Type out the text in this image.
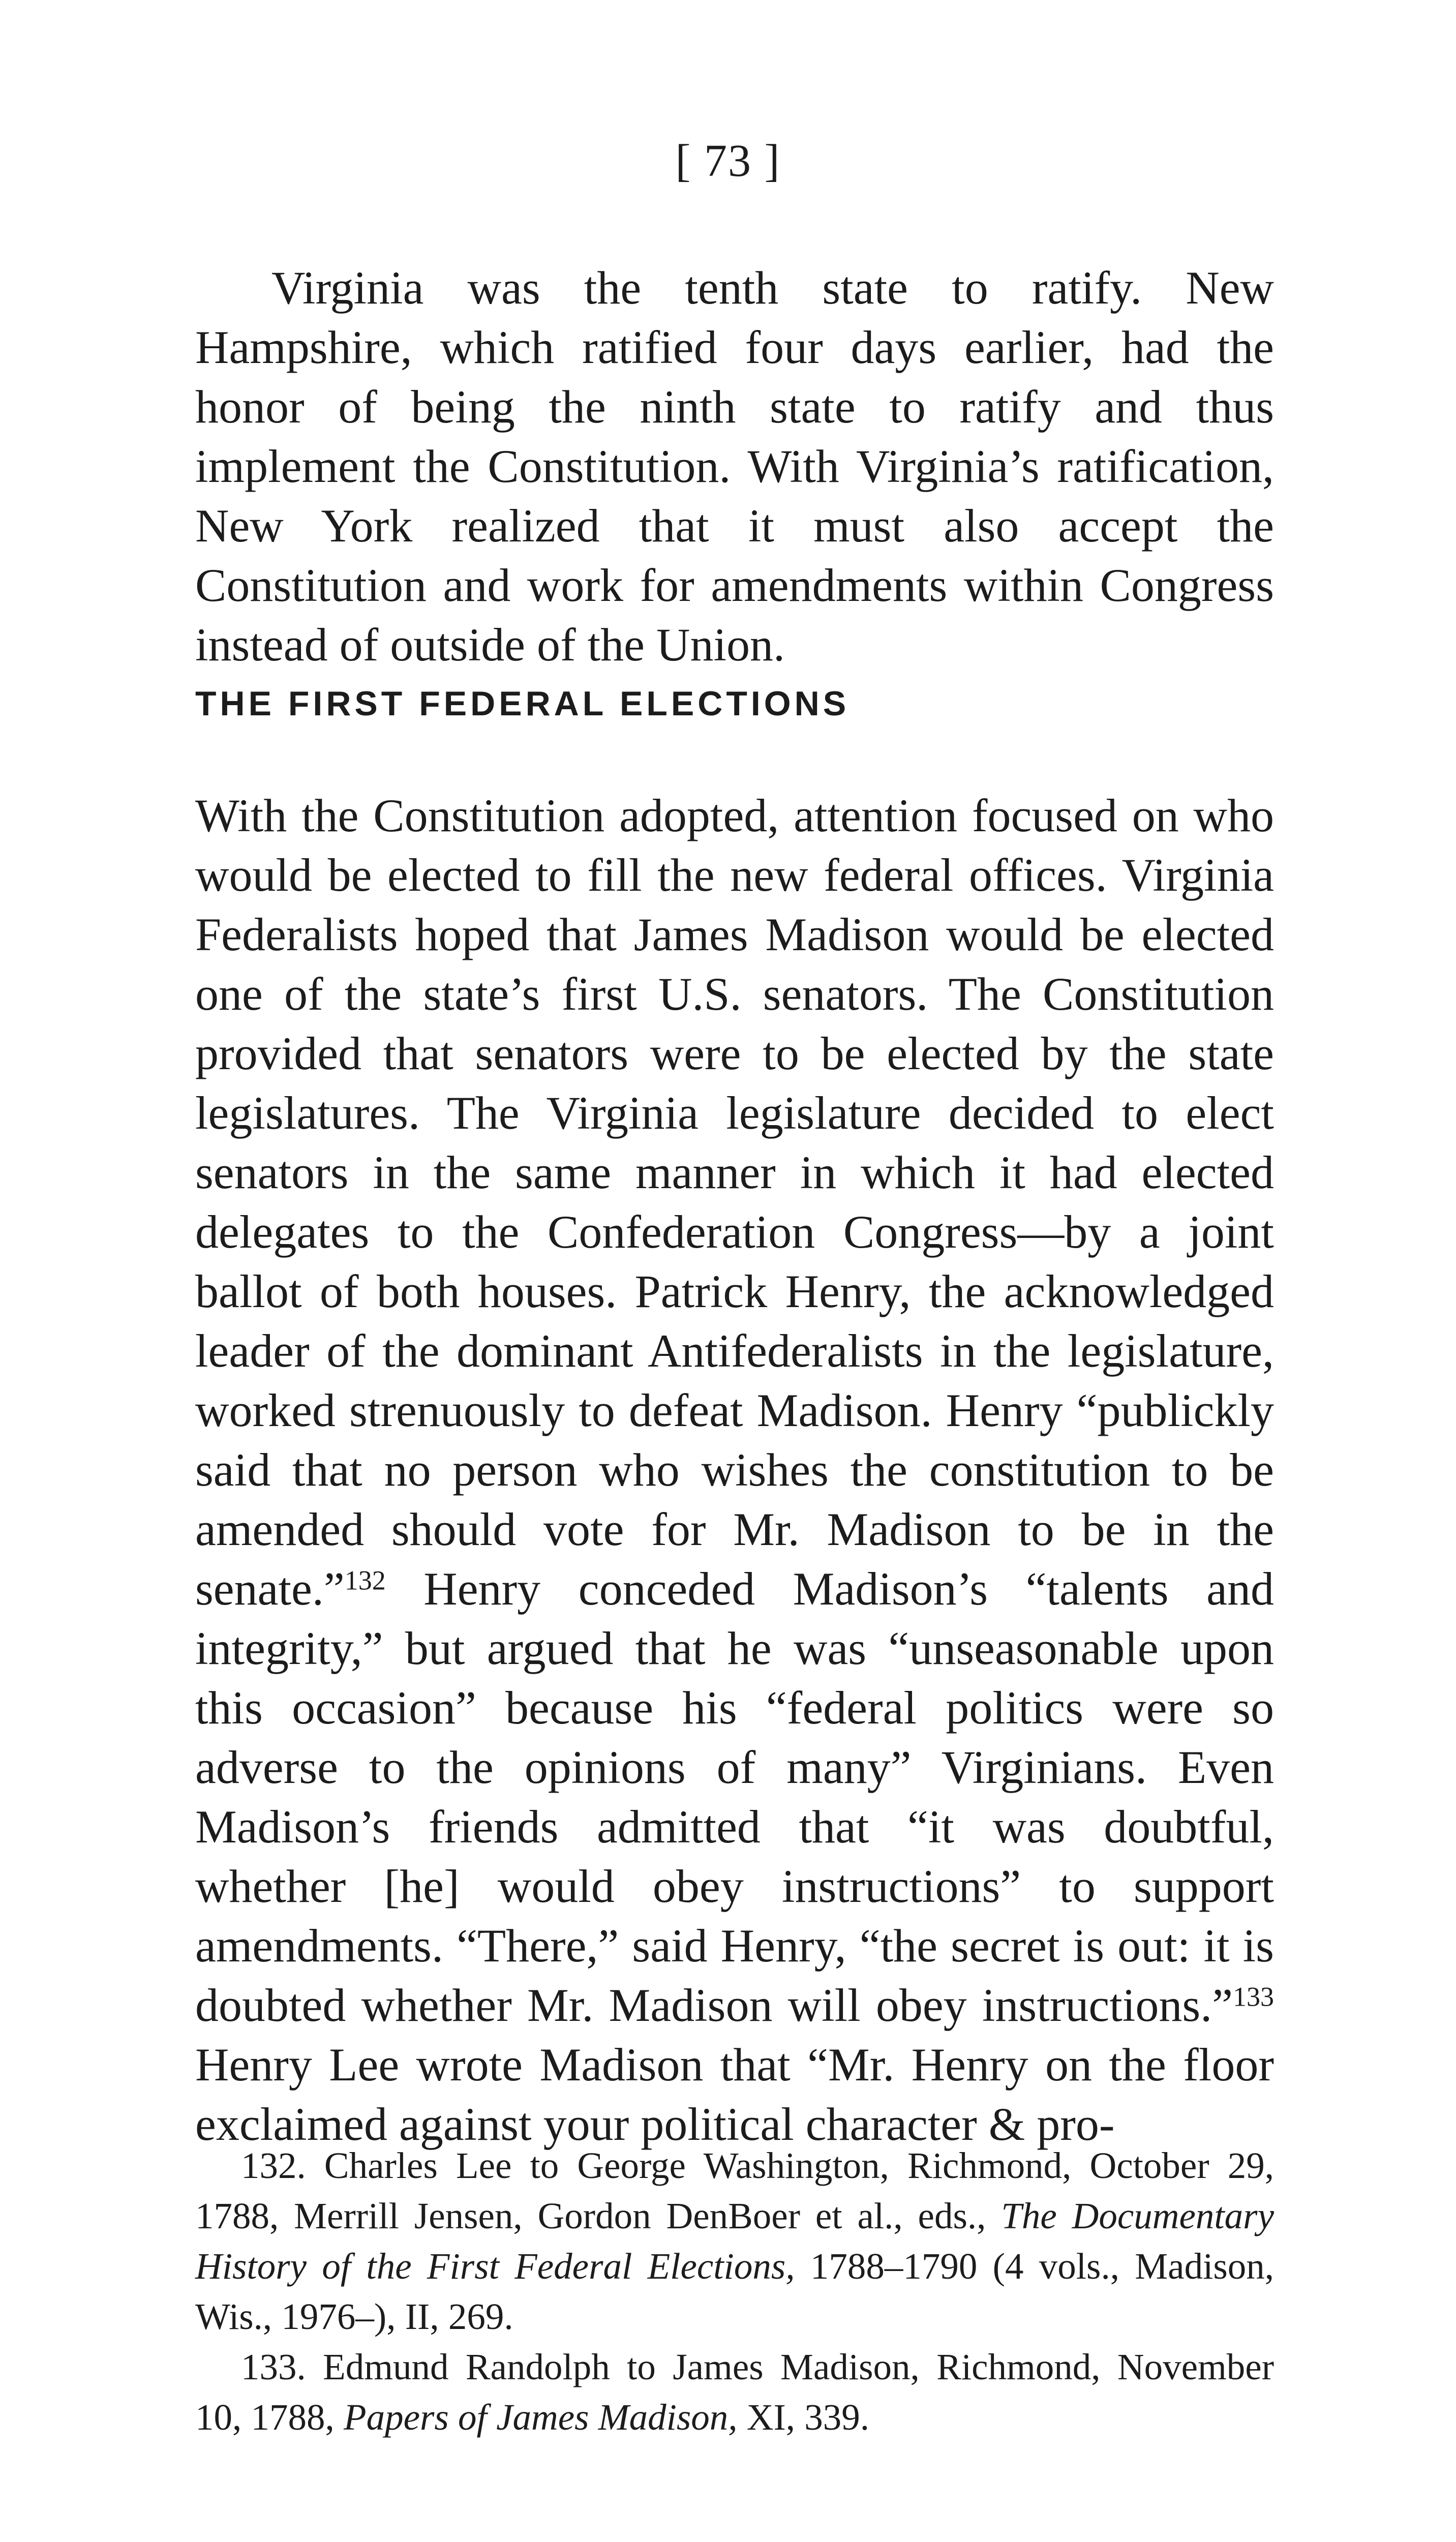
[ 73 ]

Virginia was the tenth state to ratify. New Hampshire, which ratified four days earlier, had the honor of being the ninth state to ratify and thus implement the Constitution. With Virginia’s ratification, New York realized that it must also accept the Constitution and work for amendments within Congress instead of outside of the Union.

THE FIRST FEDERAL ELECTIONS

With the Constitution adopted, attention focused on who would be elected to fill the new federal offices. Virginia Federalists hoped that James Madison would be elected one of the state’s first U.S. senators. The Constitution provided that senators were to be elected by the state legislatures. The Virginia legislature decided to elect senators in the same manner in which it had elected delegates to the Confederation Congress—by a joint ballot of both houses. Patrick Henry, the acknowledged leader of the dominant Antifederalists in the legislature, worked strenuously to defeat Madison. Henry “publickly said that no person who wishes the constitution to be amended should vote for Mr. Madison to be in the senate.”$^{132}$ Henry conceded Madison’s “talents and integrity,” but argued that he was “unseasonable upon this occasion” because his “federal politics were so adverse to the opinions of many” Virginians. Even Madison’s friends admitted that “it was doubtful, whether [he] would obey instructions” to support amendments. “There,” said Henry, “the secret is out: it is doubted whether Mr. Madison will obey instructions.”$^{133}$ Henry Lee wrote Madison that “Mr. Henry on the floor exclaimed against your political character & pro-

132. Charles Lee to George Washington, Richmond, October 29, 1788, Merrill Jensen, Gordon DenBoer et al., eds., The Documentary History of the First Federal Elections, 1788–1790 (4 vols., Madison, Wis., 1976–), II, 269.

133. Edmund Randolph to James Madison, Richmond, November 10, 1788, Papers of James Madison, XI, 339.
